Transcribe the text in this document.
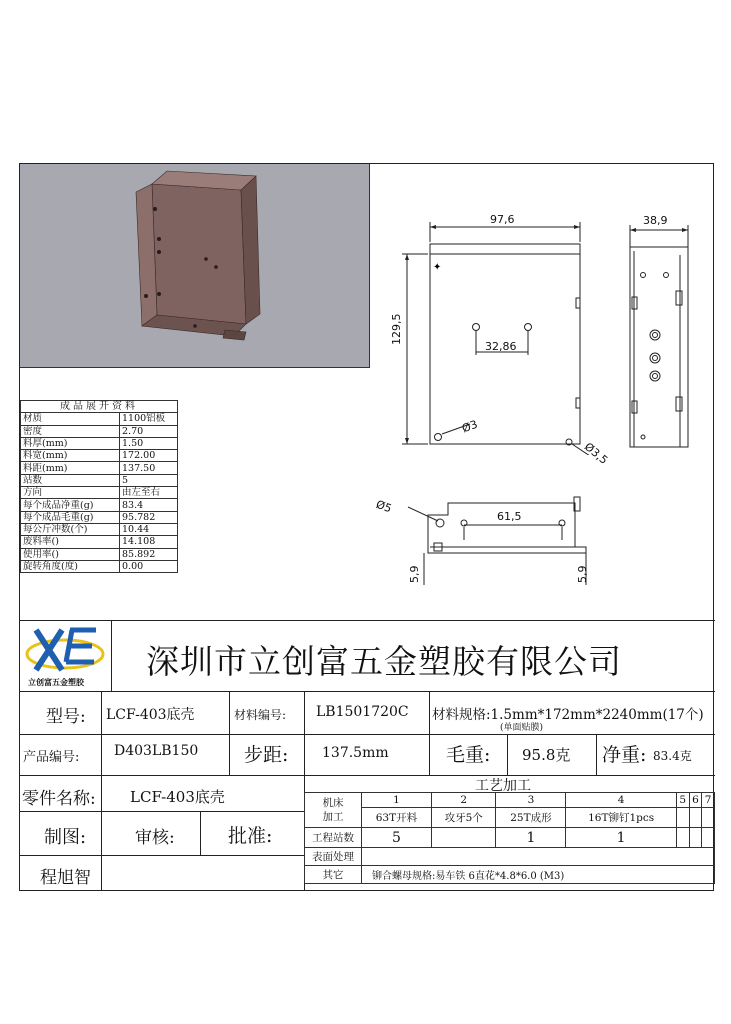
✦
97,6
129,5
32,86
Ø3
Ø3,5
38,9
Ø5
61,5
5,9	5,9
成品展开资料	
材质	1100铝板
密度	2.70
料厚(mm)	1.50
料宽(mm)	172.00
料距(mm)	137.50
站数	5
方向	由左至右
每个成品净重(g)	83.4
每个成品毛重(g)	95.782
每公斤冲数(个)	10.44
废料率()	14.108
使用率()	85.892
旋转角度(度)	0.00
立创富五金塑胶
深圳市立创富五金塑胶有限公司
型号: LCF-403底壳	材料编号: LB1501720C 材料规格:1.5mm*172mm*2240mm(17个)
(单面贴膜)
产品编号: D403LB150 步距: 137.5mm	毛重: 95.8克 净重: 83.4克
零件名称: LCF-403底壳
制图:	审核:	批准:
程旭智
工艺加工
机床
加工	1	2	3	4	5	6	7
	63T开料	攻牙5个	25T成形	16T铆钉1pcs			
工程站数	5		1	1			
表面处理							
其它	铆合螺母规格:易车铁 6直花*4.8*6.0 (M3)						
